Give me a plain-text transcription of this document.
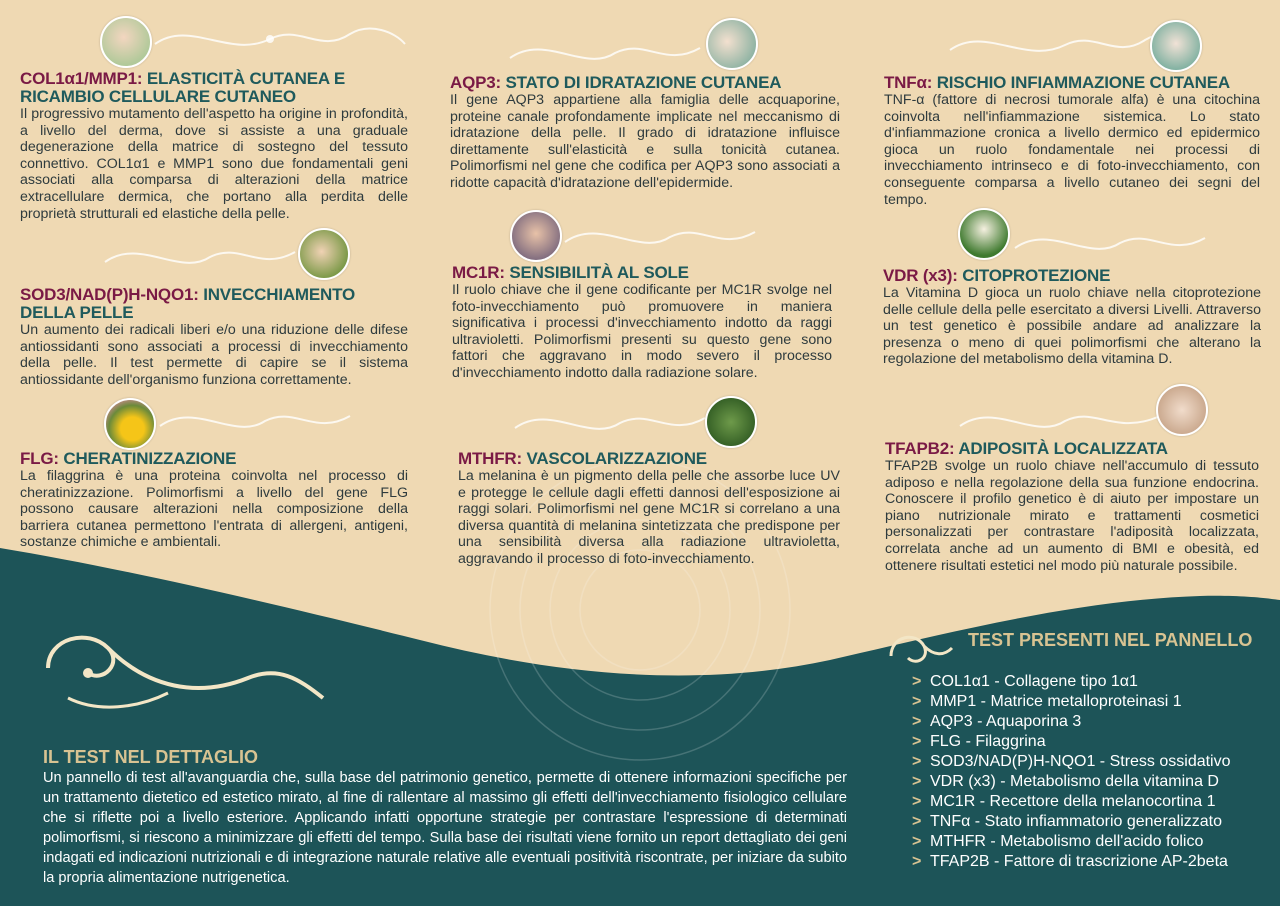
COL1α1/MMP1: ELASTICITÀ CUTANEA E RICAMBIO CELLULARE CUTANEO

Il progressivo mutamento dell'aspetto ha origine in profondità, a livello del derma, dove si assiste a una graduale degenerazione della matrice di sostegno del tessuto connettivo. COL1α1 e MMP1 sono due fondamentali geni associati alla comparsa di alterazioni della matrice extracellulare dermica, che portano alla perdita delle proprietà strutturali ed elastiche della pelle.

SOD3/NAD(P)H-NQO1: INVECCHIAMENTO DELLA PELLE

Un aumento dei radicali liberi e/o una riduzione delle difese antiossidanti sono associati a processi di invecchiamento della pelle. Il test permette di capire se il sistema antiossidante dell'organismo funziona correttamente.

FLG: CHERATINIZZAZIONE

La filaggrina è una proteina coinvolta nel processo di cheratinizzazione. Polimorfismi a livello del gene FLG possono causare alterazioni nella composizione della barriera cutanea permettono l'entrata di allergeni, antigeni, sostanze chimiche e ambientali.

AQP3: STATO DI IDRATAZIONE CUTANEA

Il gene AQP3 appartiene alla famiglia delle acquaporine, proteine canale profondamente implicate nel meccanismo di idratazione della pelle. Il grado di idratazione influisce direttamente sull'elasticità e sulla tonicità cutanea. Polimorfismi nel gene che codifica per AQP3 sono associati a ridotte capacità d'idratazione dell'epidermide.

MC1R: SENSIBILITÀ AL SOLE

Il ruolo chiave che il gene codificante per MC1R svolge nel foto-invecchiamento può promuovere in maniera significativa i processi d'invecchiamento indotto da raggi ultravioletti. Polimorfismi presenti su questo gene sono fattori che aggravano in modo severo il processo d'invecchiamento indotto dalla radiazione solare.

MTHFR: VASCOLARIZZAZIONE

La melanina è un pigmento della pelle che assorbe luce UV e protegge le cellule dagli effetti dannosi dell'esposizione ai raggi solari. Polimorfismi nel gene MC1R si correlano a una diversa quantità di melanina sintetizzata che predispone per una sensibilità diversa alla radiazione ultravioletta, aggravando il processo di foto-invecchiamento.

TNFα: RISCHIO INFIAMMAZIONE CUTANEA

TNF-α (fattore di necrosi tumorale alfa) è una citochina coinvolta nell'infiammazione sistemica. Lo stato d'infiammazione cronica a livello dermico ed epidermico gioca un ruolo fondamentale nei processi di invecchiamento intrinseco e di foto-invecchiamento, con conseguente comparsa a livello cutaneo dei segni del tempo.

VDR (x3): CITOPROTEZIONE

La Vitamina D gioca un ruolo chiave nella citoprotezione delle cellule della pelle esercitato a diversi Livelli. Attraverso un test genetico è possibile andare ad analizzare la presenza o meno di quei polimorfismi che alterano la regolazione del metabolismo della vitamina D.

TFAPB2: ADIPOSITÀ LOCALIZZATA

TFAP2B svolge un ruolo chiave nell'accumulo di tessuto adiposo e nella regolazione della sua funzione endocrina. Conoscere il profilo genetico è di aiuto per impostare un piano nutrizionale mirato e trattamenti cosmetici personalizzati per contrastare l'adiposità localizzata, correlata anche ad un aumento di BMI e obesità, ed ottenere risultati estetici nel modo più naturale possibile.

TEST PRESENTI NEL PANNELLO
> COL1α1 - Collagene tipo 1α1
> MMP1 - Matrice metalloproteinasi 1
> AQP3 - Aquaporina 3
> FLG - Filaggrina
> SOD3/NAD(P)H-NQO1 - Stress ossidativo
> VDR (x3) - Metabolismo della vitamina D
> MC1R - Recettore della melanocortina 1
> TNFα - Stato infiammatorio generalizzato
> MTHFR - Metabolismo dell'acido folico
> TFAP2B - Fattore di trascrizione AP-2beta
IL TEST NEL DETTAGLIO

Un pannello di test all'avanguardia che, sulla base del patrimonio genetico, permette di ottenere informazioni specifiche per un trattamento dietetico ed estetico mirato, al fine di rallentare al massimo gli effetti dell'invecchiamento fisiologico cellulare che si riflette poi a livello esteriore. Applicando infatti opportune strategie per contrastare l'espressione di determinati polimorfismi, si riescono a minimizzare gli effetti del tempo. Sulla base dei risultati viene fornito un report dettagliato dei geni indagati ed indicazioni nutrizionali e di integrazione naturale relative alle eventuali positività riscontrate, per iniziare da subito la propria alimentazione nutrigenetica.
